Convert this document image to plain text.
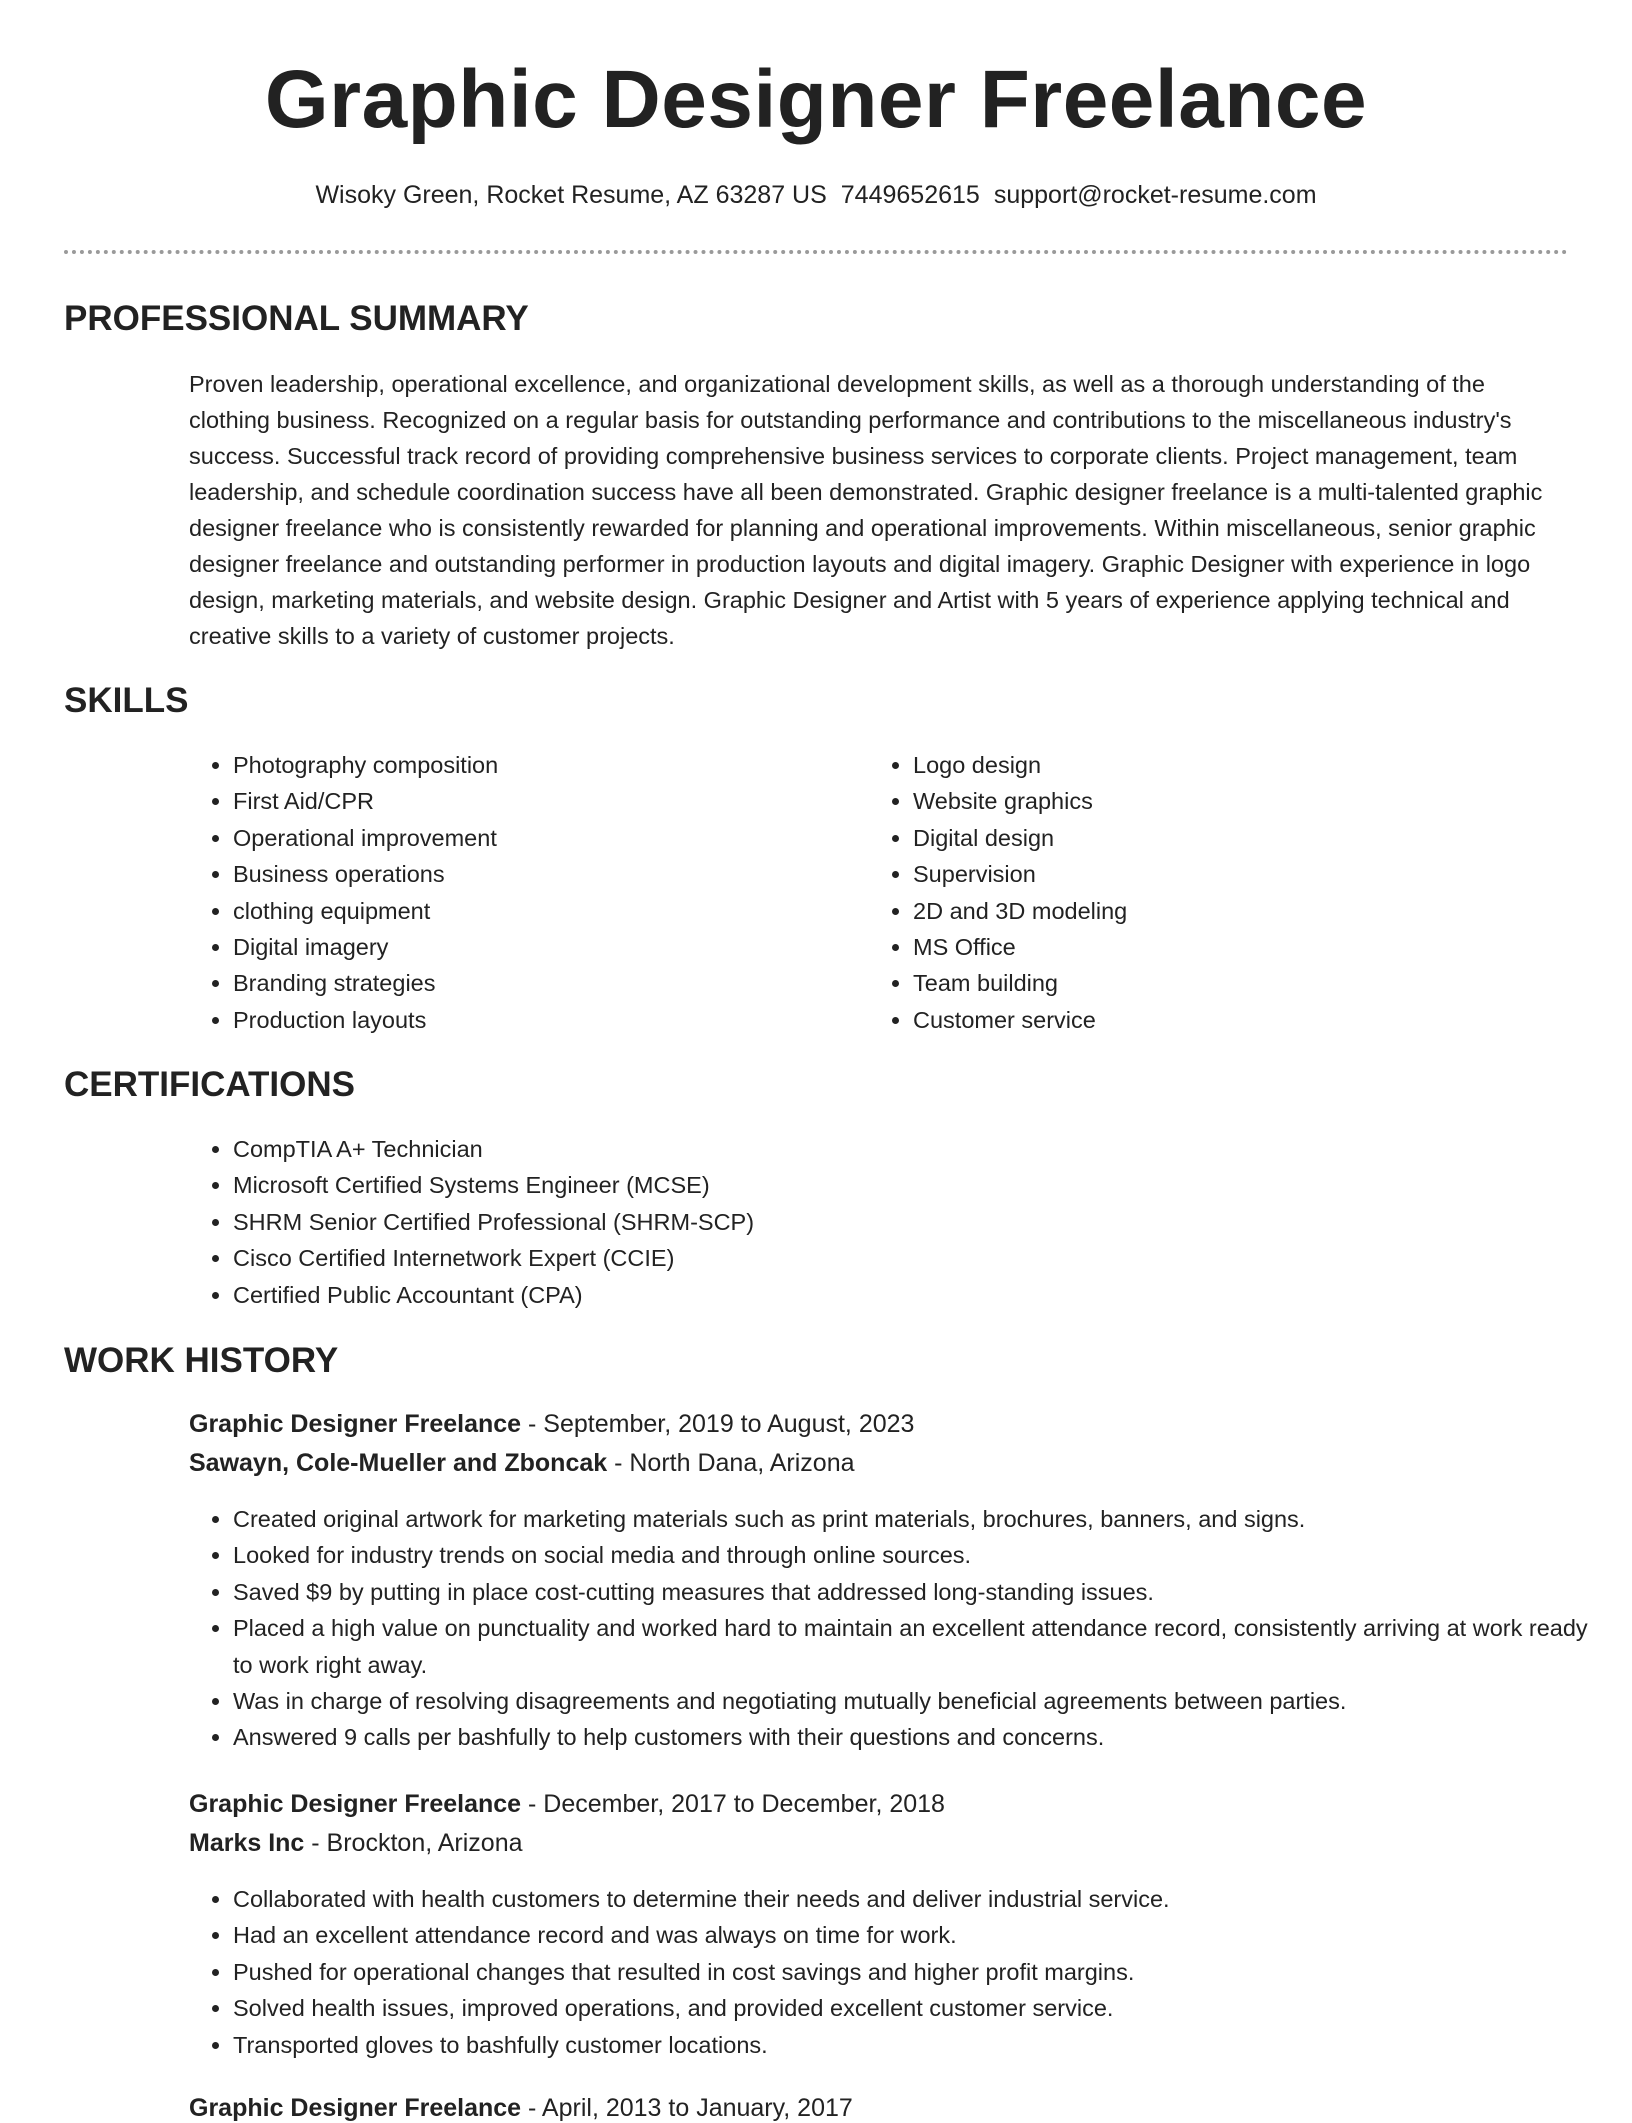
Graphic Designer Freelance
Wisoky Green, Rocket Resume, AZ 63287 US 7449652615 support@rocket-resume.com
PROFESSIONAL SUMMARY

Proven leadership, operational excellence, and organizational development skills, as well as a thorough understanding of the clothing business. Recognized on a regular basis for outstanding performance and contributions to the miscellaneous industry's success. Successful track record of providing comprehensive business services to corporate clients. Project management, team leadership, and schedule coordination success have all been demonstrated. Graphic designer freelance is a multi-talented graphic designer freelance who is consistently rewarded for planning and operational improvements. Within miscellaneous, senior graphic designer freelance and outstanding performer in production layouts and digital imagery. Graphic Designer with experience in logo design, marketing materials, and website design. Graphic Designer and Artist with 5 years of experience applying technical and creative skills to a variety of customer projects.

SKILLS
• Photography composition
• First Aid/CPR
• Operational improvement
• Business operations
• clothing equipment
• Digital imagery
• Branding strategies
• Production layouts
• Logo design
• Website graphics
• Digital design
• Supervision
• 2D and 3D modeling
• MS Office
• Team building
• Customer service
CERTIFICATIONS
• CompTIA A+ Technician
• Microsoft Certified Systems Engineer (MCSE)
• SHRM Senior Certified Professional (SHRM-SCP)
• Cisco Certified Internetwork Expert (CCIE)
• Certified Public Accountant (CPA)
WORK HISTORY
Graphic Designer Freelance - September, 2019 to August, 2023
Sawayn, Cole-Mueller and Zboncak - North Dana, Arizona
• Created original artwork for marketing materials such as print materials, brochures, banners, and signs.
• Looked for industry trends on social media and through online sources.
• Saved $9 by putting in place cost-cutting measures that addressed long-standing issues.
• Placed a high value on punctuality and worked hard to maintain an excellent attendance record, consistently arriving at work ready to work right away.
• Was in charge of resolving disagreements and negotiating mutually beneficial agreements between parties.
• Answered 9 calls per bashfully to help customers with their questions and concerns.
Graphic Designer Freelance - December, 2017 to December, 2018
Marks Inc - Brockton, Arizona
• Collaborated with health customers to determine their needs and deliver industrial service.
• Had an excellent attendance record and was always on time for work.
• Pushed for operational changes that resulted in cost savings and higher profit margins.
• Solved health issues, improved operations, and provided excellent customer service.
• Transported gloves to bashfully customer locations.
Graphic Designer Freelance - April, 2013 to January, 2017
